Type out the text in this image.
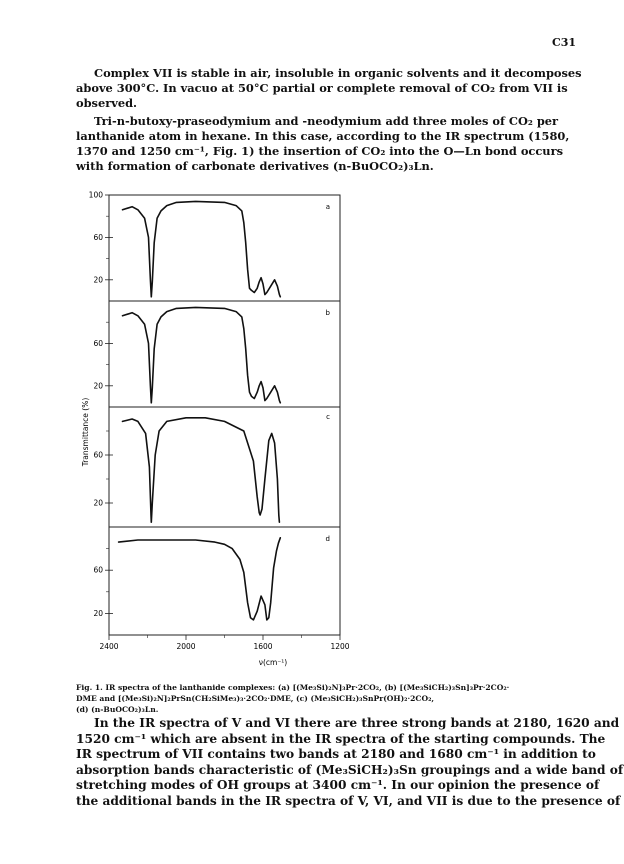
C31
Complex VII is stable in air, insoluble in organic solvents and it decomposes
above 300°C. In vacuo at 50°C partial or complete removal of CO₂ from VII is
observed.
Tri-n-butoxy-praseodymium and -neodymium add three moles of CO₂ per
lanthanide atom in hexane. In this case, according to the IR spectrum (1580,
1370 and 1250 cm⁻¹, Fig. 1) the insertion of CO₂ into the O—Ln bond occurs
with formation of carbonate derivatives (n-BuOCO₂)₃Ln.
Transmittance (%)
ν(cm⁻¹)
100
60
20
a
60
20
b
60
20
c
60
20
d
2400	2000	1600	1200
Fig. 1. IR spectra of the lanthanide complexes: (a) [(Me₃Si)₂N]₃Pr·2CO₂, (b) [(Me₃SiCH₂)₃Sn]₃Pr·2CO₂·
DME and [(Me₃Si)₂N]₂PrSn(CH₂SiMe₃)₃·2CO₂·DME, (c) (Me₃SiCH₂)₃SnPr(OH)₂·2CO₂,
(d) (n-BuOCO₂)₃Ln.
In the IR spectra of V and VI there are three strong bands at 2180, 1620 and
1520 cm⁻¹ which are absent in the IR spectra of the starting compounds. The
IR spectrum of VII contains two bands at 2180 and 1680 cm⁻¹ in addition to
absorption bands characteristic of (Me₃SiCH₂)₃Sn groupings and a wide band of
stretching modes of OH groups at 3400 cm⁻¹. In our opinion the presence of
the additional bands in the IR spectra of V, VI, and VII is due to the presence of
